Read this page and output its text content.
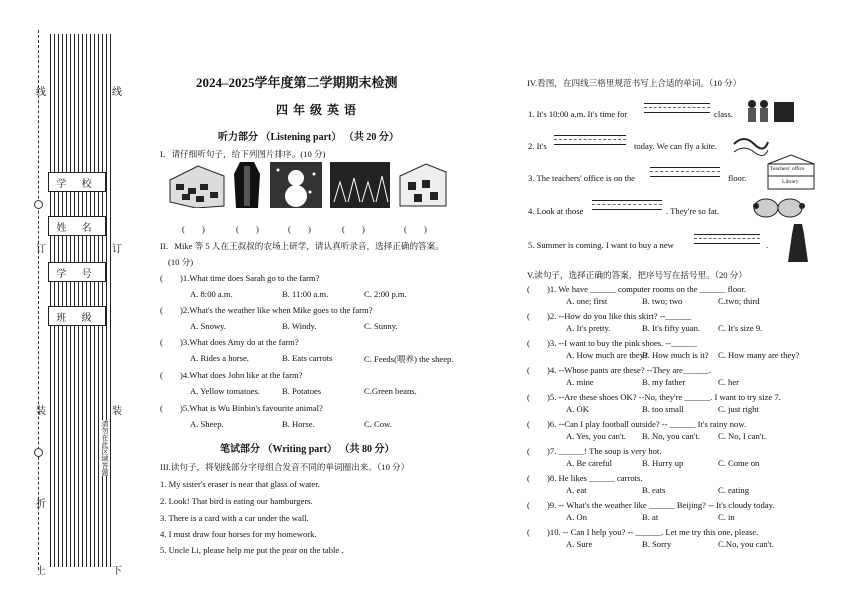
线	线
订	订
装	装
折
上	下
学 校
姓 名
学 号
班 级
请勿在此区域答题
2024–2025学年度第二学期期末检测
四年级英语
听力部分 （Listening part） （共 20 分）
I．请仔细听句子，给下列图片排序。(10 分)
(　　)	(　　)	(　　)	(　　)	(　　)
II．Mike 等 5 人在王叔叔的农场上研学，请认真听录音，选择正确的答案。
(10 分)
(　　)1.What time does Sarah go to the farm?
A. 8:00 a.m.	B. 11:00 a.m.	C. 2:00 p.m.
(　　)2.What's the weather like when Mike goes to the farm?
A. Snowy.	B. Windy.	C. Sunny.
(　　)3.What does Amy do at the farm?
A. Rides a horse.	B. Eats carrots	C. Feeds(喂养) the sheep.
(　　)4.What does John like at the farm?
A. Yellow tomatoes.	B. Potatoes	C.Green beans.
(　　)5.What is Wu Binbin's favourite animal?
A. Sheep.	B. Horse.	C. Cow.
笔试部分 （Writing part） （共 80 分）
III.读句子，将划线部分字母组合发音不同的单词圈出来。（10 分）
1. My sister's eraser is near that glass of water.
2. Look! That bird is eating our hamburgers.
3. There is a card with a car under the wall.
4. I must draw four horses for my homework.
5. Uncle Li, please help me put the pear on the table .
IV.看图，在四线三格里规范书写上合适的单词。（10 分）
1. It's 10:00 a.m. It's time for	class.
2. It's	today. We can fly a kite.
3. The teachers' office is on the	floor.
Teachers' office
Library
4. Look at those	. They're so fat.
5. Summer is coming. I want to buy a new	.
V.读句子，选择正确的答案，把序号写在括号里。（20 分）
(　　)1. We have ______ computer rooms on the ______ floor.
A. one; first	B. two; two	C.two; third
(　　)2. --How do you like this skirt? --______
A. It's pretty.	B. It's fifty yuan. C. It's size 9.
(　　)3. --I want to buy the pink shoes. --______
A. How much are they?
B. How much is it? C. How many are they?
(　　)4. --Whose pants are these? --They are______.
A. mine	B. my father	C. her
(　　)5. --Are these shoes OK? --No, they're ______. I want to try size 7.
A. OK	B. too small	C. just right
(　　)6. --Can I play football outside? -- ______ It's rainy now.
A. Yes, you can't. B. No, you can't. C. No, I can't.
(　　)7. ______! The soup is very hot.
A. Be careful	B. Hurry up	C. Come on
(　　)8. He likes ______ carrots.
A. eat	B. eats	C. eating
(　　)9. -- What's the weather like ______ Beijing? -- It's cloudy today.
A. On	B. at	C. in
(　　)10. -- Can I help you? -- ______. Let me try this one, please.
A. Sure	B. Sorry	C.No, you can't.
